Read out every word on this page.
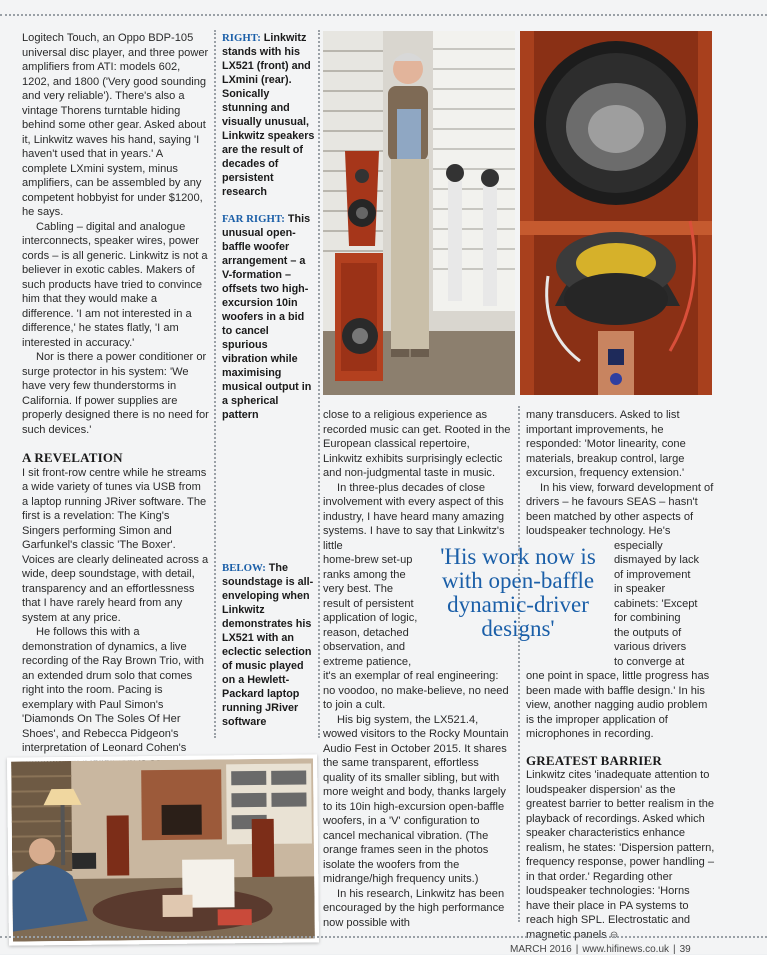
Logitech Touch, an Oppo BDP-105 universal disc player, and three power amplifiers from ATI: models 602, 1202, and 1800 ('Very good sounding and very reliable'). There's also a vintage Thorens turntable hiding behind some other gear. Asked about it, Linkwitz waves his hand, saying 'I haven't used that in years.' A complete LXmini system, minus amplifiers, can be assembled by any competent hobbyist for under $1200, he says.

Cabling – digital and analogue interconnects, speaker wires, power cords – is all generic. Linkwitz is not a believer in exotic cables. Makers of such products have tried to convince him that they would make a difference. 'I am not interested in a difference,' he states flatly, 'I am interested in accuracy.'

Nor is there a power conditioner or surge protector in his system: 'We have very few thunderstorms in California. If power supplies are properly designed there is no need for such devices.'

A REVELATION

I sit front-row centre while he streams a wide variety of tunes via USB from a laptop running JRiver software. The first is a revelation: The King's Singers performing Simon and Garfunkel's classic 'The Boxer'. Voices are clearly delineated across a wide, deep soundstage, with detail, transparency and an effortlessness that I have rarely heard from any system at any price.

He follows this with a demonstration of dynamics, a live recording of the Ray Brown Trio, with an extended drum solo that comes right into the room. Pacing is exemplary with Paul Simon's 'Diamonds On The Soles Of Her Shoes', and Rebecca Pidgeon's interpretation of Leonard Cohen's

RIGHT: Linkwitz stands with his LX521 (front) and LXmini (rear). Sonically stunning and visually unusual, Linkwitz speakers are the result of decades of persistent research
FAR RIGHT: This unusual open-baffle woofer arrangement – a V-formation – offsets two high-excursion 10in woofers in a bid to cancel spurious vibration while maximising musical output in a spherical pattern
BELOW: The soundstage is all-enveloping when Linkwitz demonstrates his LX521 with an eclectic selection of music played on a Hewlett-Packard laptop running JRiver software

close to a religious experience as recorded music can get. Rooted in the European classical repertoire, Linkwitz exhibits surprisingly eclectic and non-judgmental taste in music.

In three-plus decades of close involvement with every aspect of this industry, I have heard many amazing systems. I have to say that Linkwitz's little

home-brew set-up

ranks among the

very best. The

result of persistent

application of logic,

reason, detached

observation, and

extreme patience,

it's an exemplar of real engineering: no voodoo, no make-believe, no need to join a cult.

His big system, the LX521.4, wowed visitors to the Rocky Mountain Audio Fest in October 2015. It shares the same transparent, effortless quality of its smaller sibling, but with more weight and body, thanks largely to its 10in high-excursion open-baffle woofers, in a 'V' configuration to cancel mechanical vibration. (The orange frames seen in the photos isolate the woofers from the midrange/high frequency units.)

In his research, Linkwitz has been encouraged by the high performance now possible with

'His work now is with open-baffle dynamic-driver designs'

many transducers. Asked to list important improvements, he responded: 'Motor linearity, cone materials, breakup control, large excursion, frequency extension.'

In his view, forward development of drivers – he favours SEAS – hasn't been matched by other aspects of loudspeaker technology. He's

especially

dismayed by lack

of improvement

in speaker

cabinets: 'Except

for combining

the outputs of

various drivers

to converge at

one point in space, little progress has been made with baffle design.' In his view, another nagging audio problem is the improper application of microphones in recording.

GREATEST BARRIER

Linkwitz cites 'inadequate attention to loudspeaker dispersion' as the greatest barrier to better realism in the playback of recordings. Asked which speaker characteristics enhance realism, he states: 'Dispersion pattern, frequency response, power handling – in that order.' Regarding other loudspeaker technologies: 'Horns have their place in PA systems to reach high SPL. Electrostatic and magnetic panels ⊖

MARCH 2016 | www.hifinews.co.uk | 39
